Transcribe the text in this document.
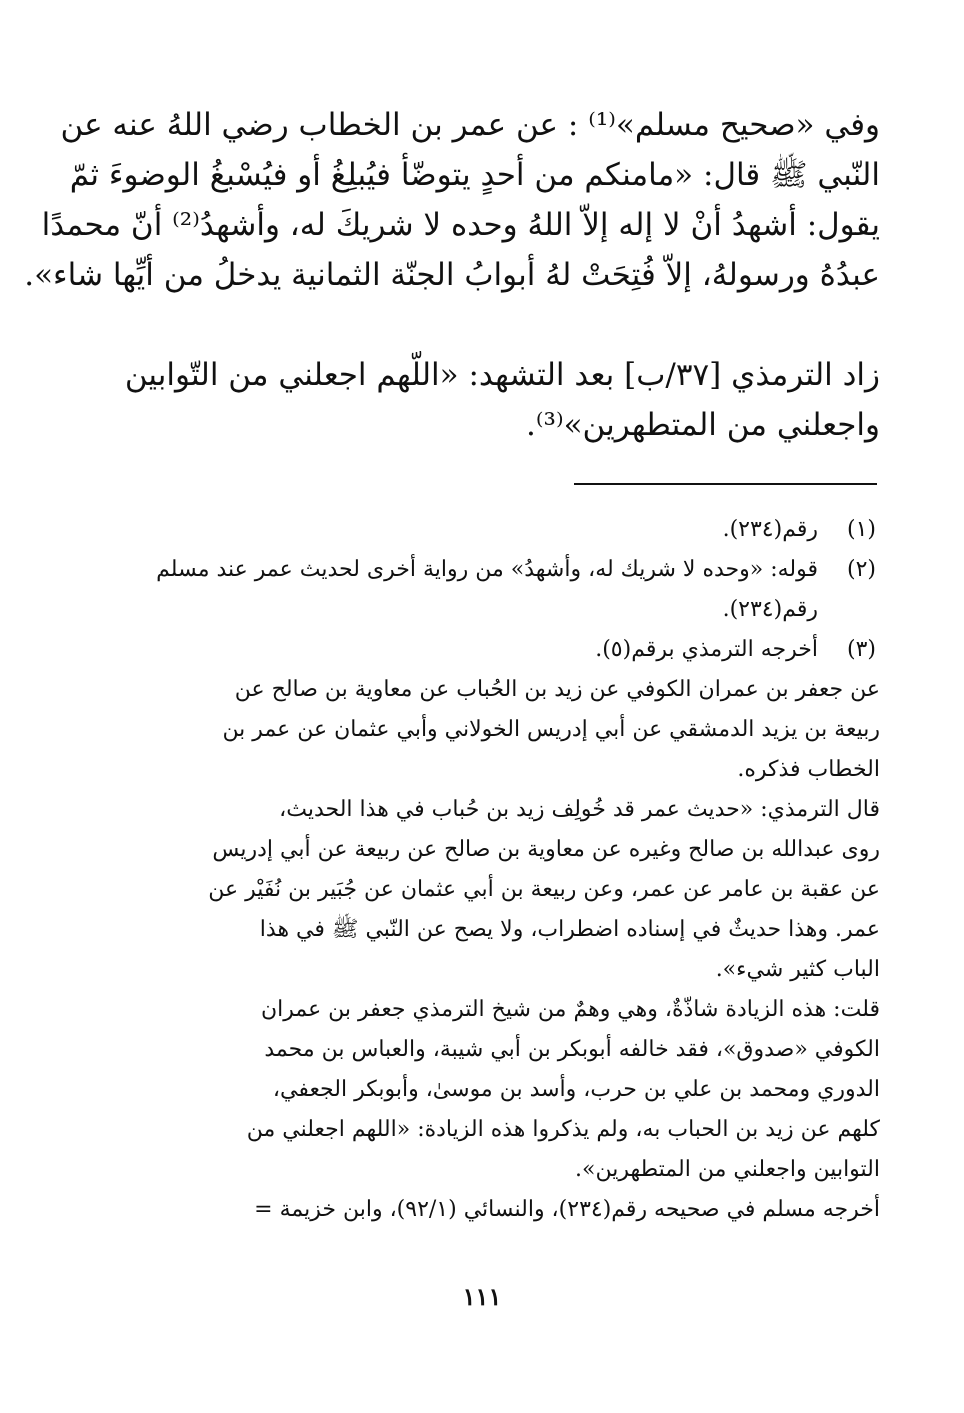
وفي «صحيح مسلم»⁽¹⁾ : عن عمر بن الخطاب رضي اللهُ عنه عن
النّبي ﷺ قال: «مامنكم من أحدٍ يتوضّأ فيُبلِغُ أو فيُسْبغُ الوضوءَ ثمّ
يقول: أشهدُ أنْ لا إله إلاّ اللهُ وحده لا شريكَ له، وأشهدُ⁽²⁾ أنّ محمدًا
عبدُهُ ورسولهُ، إلاّ فُتِحَتْ لهُ أبوابُ الجنّة الثمانية يدخلُ من أيِّها شاء».
زاد الترمذي [٣٧/ب] بعد التشهد: «اللّهم اجعلني من التّوابين
واجعلني من المتطهرين»⁽³⁾.
(١)
رقم(٢٣٤).
(٢)
قوله: «وحده لا شريك له، وأشهدُ» من رواية أخرى لحديث عمر عند مسلم
رقم(٢٣٤).
(٣)
أخرجه الترمذي برقم(٥).
عن جعفر بن عمران الكوفي عن زيد بن الحُباب عن معاوية بن صالح عن
ربيعة بن يزيد الدمشقي عن أبي إدريس الخولاني وأبي عثمان عن عمر بن
الخطاب فذكره.
قال الترمذي: «حديث عمر قد خُولِف زيد بن حُباب في هذا الحديث،
روى عبدالله بن صالح وغيره عن معاوية بن صالح عن ربيعة عن أبي إدريس
عن عقبة بن عامر عن عمر، وعن ربيعة بن أبي عثمان عن جُبَير بن نُفَيْر عن
عمر. وهذا حديثٌ في إسناده اضطراب، ولا يصح عن النّبي ﷺ في هذا
الباب كثير شيء».
قلت: هذه الزيادة شاذّةٌ، وهي وهمٌ من شيخ الترمذي جعفر بن عمران
الكوفي «صدوق»، فقد خالفه أبوبكر بن أبي شيبة، والعباس بن محمد
الدوري ومحمد بن علي بن حرب، وأسد بن موسىٰ، وأبوبكر الجعفي،
كلهم عن زيد بن الحباب به، ولم يذكروا هذه الزيادة: «اللهم اجعلني من
التوابين واجعلني من المتطهرين».
أخرجه مسلم في صحيحه رقم(٢٣٤)، والنسائي (٩٢/١)، وابن خزيمة =
١١١
